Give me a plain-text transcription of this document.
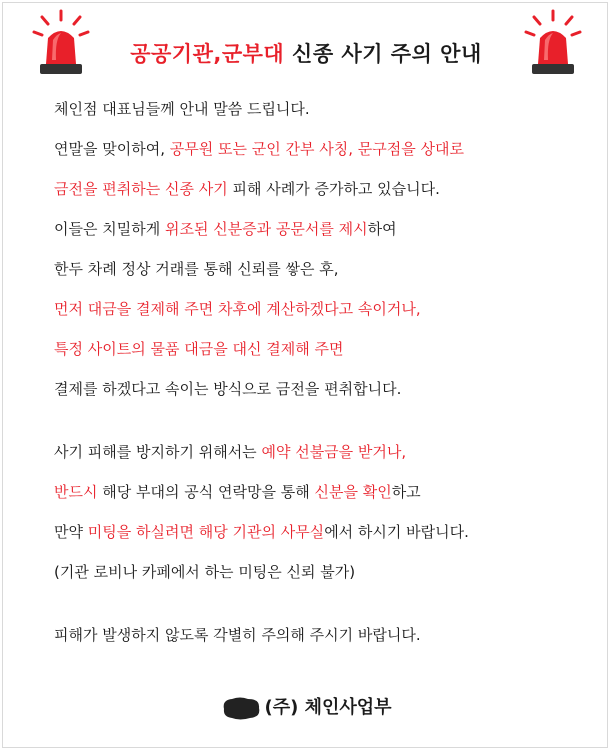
공공기관,군부대 신종 사기 주의 안내
체인점 대표님들께 안내 말씀 드립니다.
연말을 맞이하여, 공무원 또는 군인 간부 사칭, 문구점을 상대로
금전을 편취하는 신종 사기 피해 사례가 증가하고 있습니다.
이들은 치밀하게 위조된 신분증과 공문서를 제시하여
한두 차례 정상 거래를 통해 신뢰를 쌓은 후,
먼저 대금을 결제해 주면 차후에 계산하겠다고 속이거나,
특정 사이트의 물품 대금을 대신 결제해 주면
결제를 하겠다고 속이는 방식으로 금전을 편취합니다.
사기 피해를 방지하기 위해서는 예약 선불금을 받거나,
반드시 해당 부대의 공식 연락망을 통해 신분을 확인하고
만약 미팅을 하실려면 해당 기관의 사무실에서 하시기 바랍니다.
(기관 로비나 카페에서 하는 미팅은 신뢰 불가)
피해가 발생하지 않도록 각별히 주의해 주시기 바랍니다.
(주) 체인사업부
